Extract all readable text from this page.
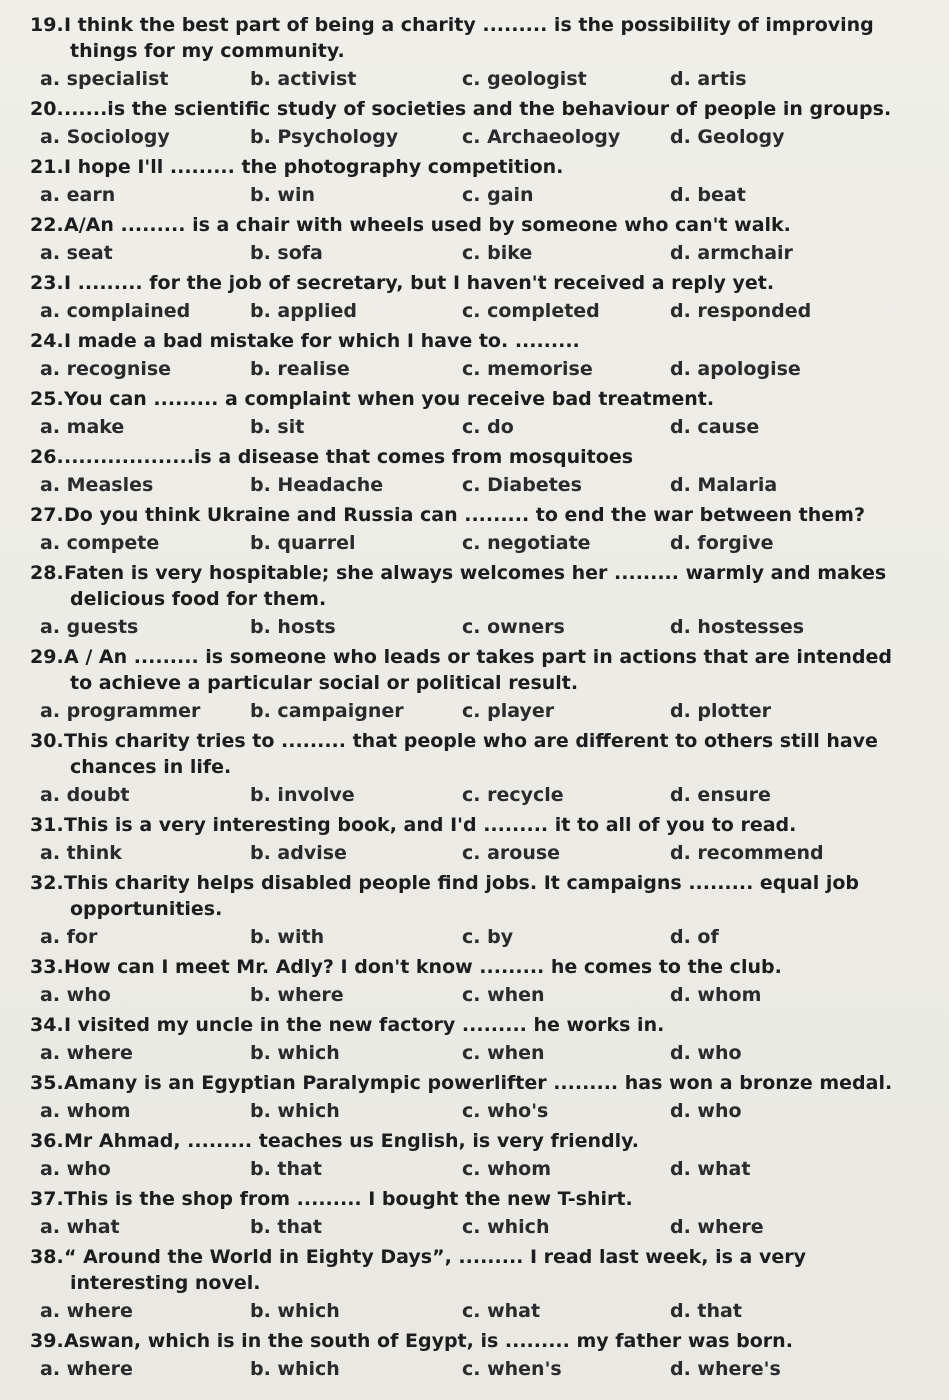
19.I think the best part of being a charity ......... is the possibility of improving

things for my community.

a. specialist	b. activist	c. geologist	d. artis

20.......is the scientific study of societies and the behaviour of people in groups.

a. Sociology	b. Psychology	c. Archaeology	d. Geology

21.I hope I'll ......... the photography competition.

a. earn	b. win	c. gain	d. beat

22.A/An ......... is a chair with wheels used by someone who can't walk.

a. seat	b. sofa	c. bike	d. armchair

23.I ......... for the job of secretary, but I haven't received a reply yet.

a. complained	b. applied	c. completed	d. responded

24.I made a bad mistake for which I have to. .........

a. recognise	b. realise	c. memorise	d. apologise

25.You can ......... a complaint when you receive bad treatment.

a. make	b. sit	c. do	d. cause

26...................is a disease that comes from mosquitoes

a. Measles	b. Headache	c. Diabetes	d. Malaria

27.Do you think Ukraine and Russia can ......... to end the war between them?

a. compete	b. quarrel	c. negotiate	d. forgive

28.Faten is very hospitable; she always welcomes her ......... warmly and makes

delicious food for them.

a. guests	b. hosts	c. owners	d. hostesses

29.A / An ......... is someone who leads or takes part in actions that are intended

to achieve a particular social or political result.

a. programmer	b. campaigner	c. player	d. plotter

30.This charity tries to ......... that people who are different to others still have

chances in life.

a. doubt	b. involve	c. recycle	d. ensure

31.This is a very interesting book, and I'd ......... it to all of you to read.

a. think	b. advise	c. arouse	d. recommend

32.This charity helps disabled people find jobs. It campaigns ......... equal job

opportunities.

a. for	b. with	c. by	d. of

33.How can I meet Mr. Adly? I don't know ......... he comes to the club.

a. who	b. where	c. when	d. whom

34.I visited my uncle in the new factory ......... he works in.

a. where	b. which	c. when	d. who

35.Amany is an Egyptian Paralympic powerlifter ......... has won a bronze medal.

a. whom	b. which	c. who's	d. who

36.Mr Ahmad, ......... teaches us English, is very friendly.

a. who	b. that	c. whom	d. what

37.This is the shop from ......... I bought the new T-shirt.

a. what	b. that	c. which	d. where

38.“ Around the World in Eighty Days”, ......... I read last week, is a very

interesting novel.

a. where	b. which	c. what	d. that

39.Aswan, which is in the south of Egypt, is ......... my father was born.

a. where	b. which	c. when's	d. where's
